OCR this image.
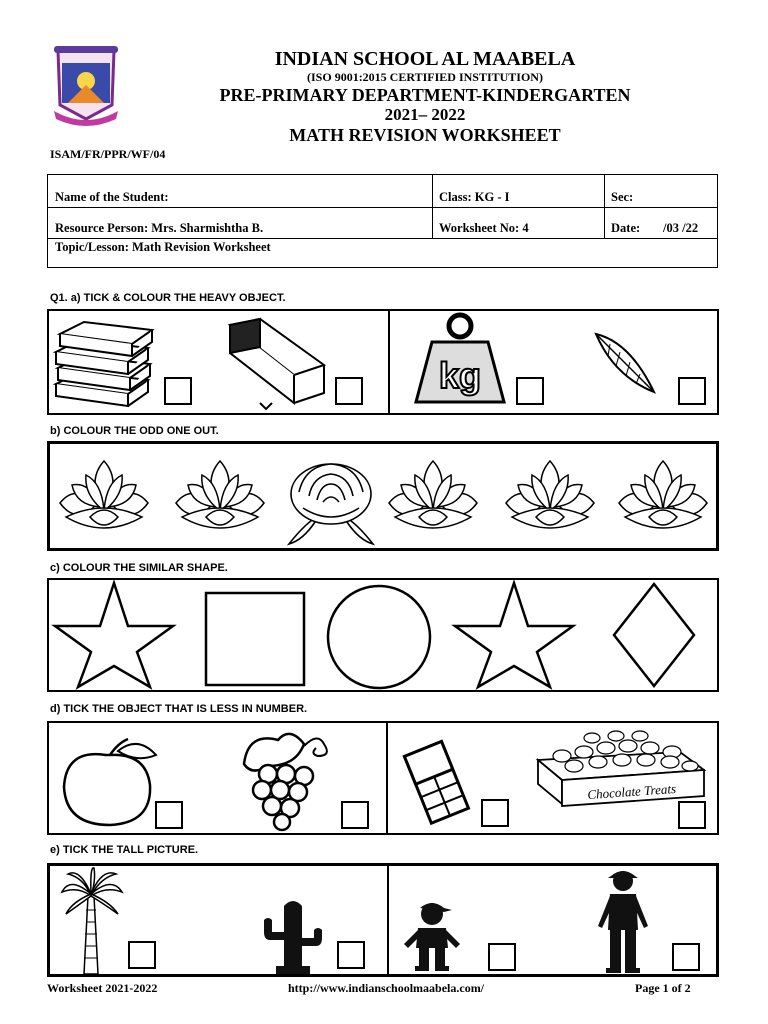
INDIAN SCHOOL AL MAABELA
(ISO 9001:2015 CERTIFIED INSTITUTION)
PRE-PRIMARY DEPARTMENT-KINDERGARTEN
2021– 2022
MATH REVISION WORKSHEET
ISAM/FR/PPR/WF/04
Name of the Student:	Class: KG - I	Sec:
Resource Person: Mrs. Sharmishtha B.	Worksheet No: 4	Date: /03 /22
Topic/Lesson: Math Revision Worksheet
Q1. a) TICK & COLOUR THE HEAVY OBJECT.
kg
b) COLOUR THE ODD ONE OUT.
c) COLOUR THE SIMILAR SHAPE.
d) TICK THE OBJECT THAT IS LESS IN NUMBER.
Chocolate Treats
e) TICK THE TALL PICTURE.
Worksheet 2021-2022	http://www.indianschoolmaabela.com/	Page 1 of 2
